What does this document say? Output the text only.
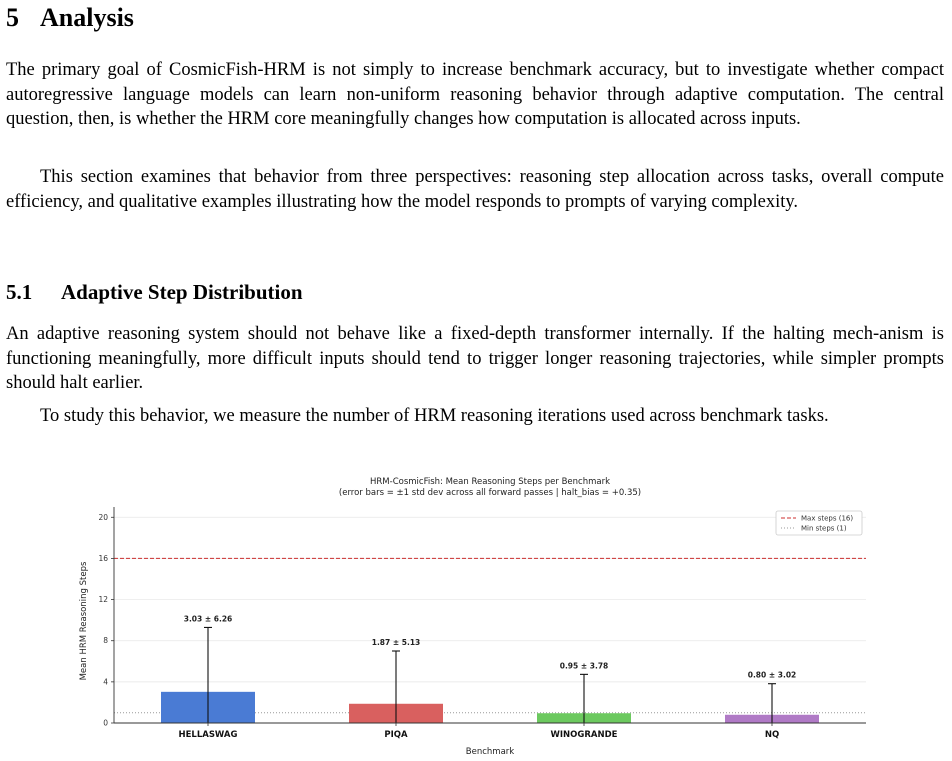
5 Analysis

The primary goal of CosmicFish-HRM is not simply to increase benchmark accuracy, but to investigate whether compact autoregressive language models can learn non-uniform reasoning behavior through adaptive computation. The central question, then, is whether the HRM core meaningfully changes how computation is allocated across inputs.

This section examines that behavior from three perspectives: reasoning step allocation across tasks, overall compute efficiency, and qualitative examples illustrating how the model responds to prompts of varying complexity.

5.1 Adaptive Step Distribution

An adaptive reasoning system should not behave like a fixed-depth transformer internally. If the halting mech-anism is functioning meaningfully, more difficult inputs should tend to trigger longer reasoning trajectories, while simpler prompts should halt earlier.

To study this behavior, we measure the number of HRM reasoning iterations used across benchmark tasks.

HRM-CosmicFish: Mean Reasoning Steps per Benchmark
(error bars = ±1 std dev across all forward passes | halt_bias = +0.35)
0
4
8
12
16
20
3.03 ± 6.26
HELLASWAG
1.87 ± 5.13
PIQA
0.95 ± 3.78
WINOGRANDE
0.80 ± 3.02
NQ
Max steps (16)
Min steps (1)
Benchmark
Mean HRM Reasoning Steps
